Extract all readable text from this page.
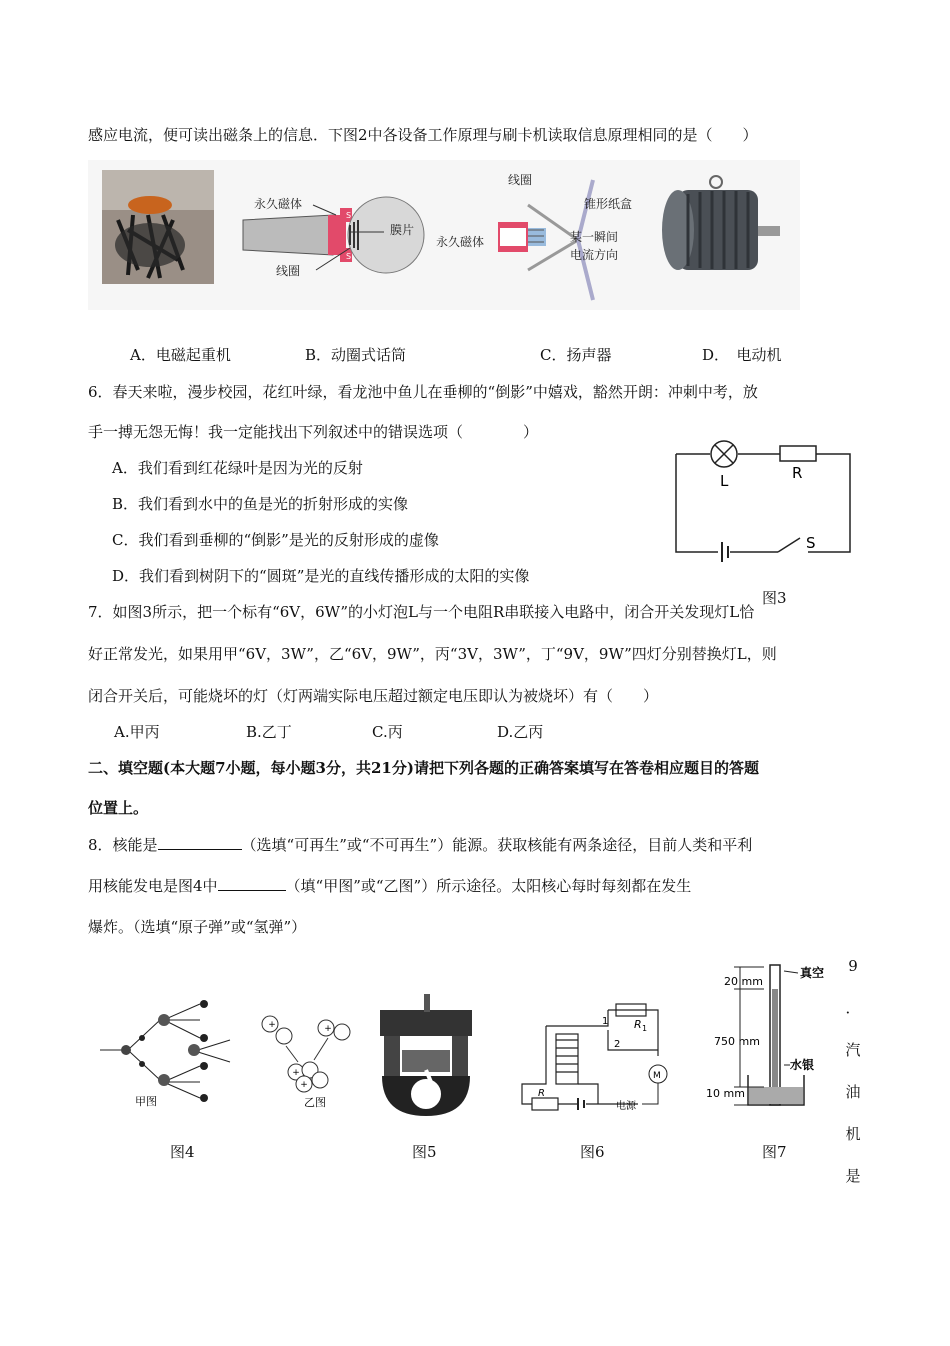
感应电流，便可读出磁条上的信息．下图2中各设备工作原理与刷卡机读取信息原理相同的是（　　）
S
S
永久磁体
线圈
膜片
线圈
锥形纸盒
永久磁体	某一瞬间
电流方向
A．电磁起重机	B．动圈式话筒	C．扬声器	D．　电动机
6．春天来啦，漫步校园，花红叶绿，看龙池中鱼儿在垂柳的“倒影”中嬉戏，豁然开朗：冲刺中考，放
手一搏无怨无悔！我一定能找出下列叙述中的错误选项（　　　　）
A．我们看到红花绿叶是因为光的反射
B．我们看到水中的鱼是光的折射形成的实像
C．我们看到垂柳的“倒影”是光的反射形成的虚像
D．我们看到树阴下的“圆斑”是光的直线传播形成的太阳的实像
L	R
S
图3
7．如图3所示，把一个标有“6V，6W”的小灯泡L与一个电阻R串联接入电路中，闭合开关发现灯L恰
好正常发光，如果用甲“6V，3W”，乙“6V，9W”，丙“3V，3W”，丁“9V，9W”四灯分别替换灯L，则
闭合开关后，可能烧坏的灯（灯两端实际电压超过额定电压即认为被烧坏）有（　　）
A.甲丙	B.乙丁	C.丙	D.乙丙
二、填空题(本大题7小题，每小题3分，共21分)请把下列各题的正确答案填写在答卷相应题目的答题
位置上。
8．核能是	（选填“可再生”或“不可再生”）能源。获取核能有两条途径，目前人类和平利
用核能发电是图4中	（填“甲图”或“乙图”）所示途径。太阳核心每时每刻都在发生
爆炸。（选填“原子弹”或“氢弹”）
甲图
+	+
+
+
乙图
图4	图5
R 1
1
2
R
M
电源
图6
20 mm
750 mm
10 mm
真空
水银
图7
9
．
汽
油
机
是
